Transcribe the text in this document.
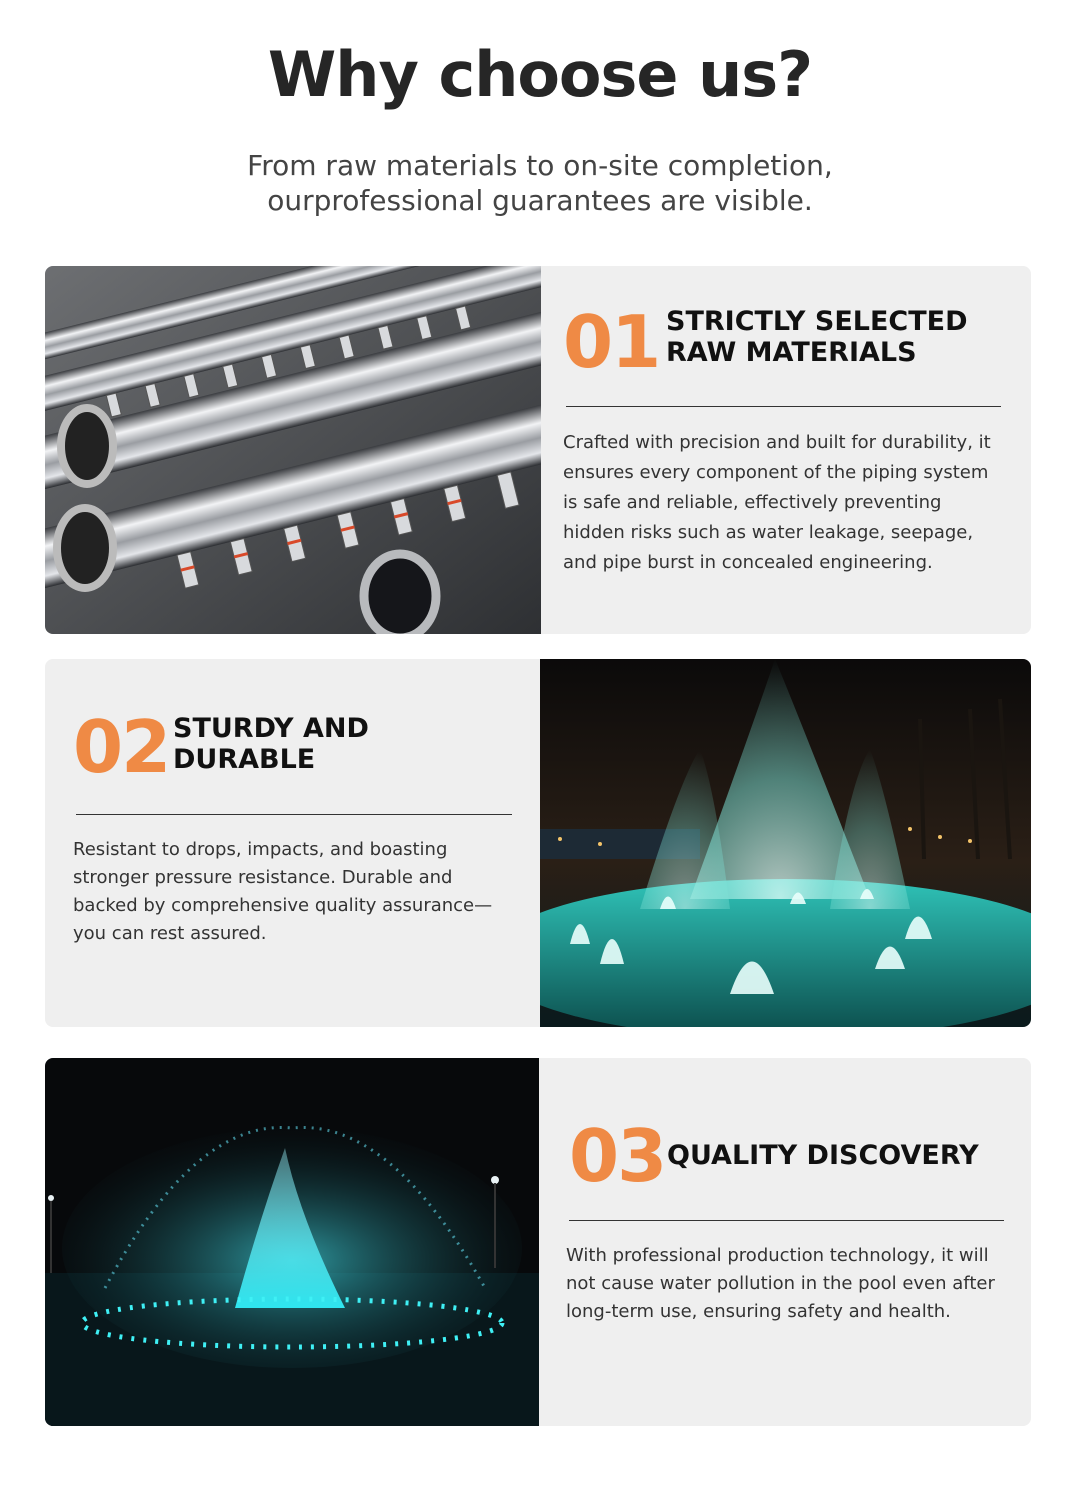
Why choose us?
From raw materials to on-site completion,
ourprofessional guarantees are visible.
01 STRICTLY SELECTED
RAW MATERIALS

Crafted with precision and built for durability, it ensures every component of the piping system is safe and reliable, effectively preventing hidden risks such as water leakage, seepage, and pipe burst in concealed engineering.

02 STURDY AND
DURABLE

Resistant to drops, impacts, and boasting stronger pressure resistance. Durable and backed by comprehensive quality assurance—you can rest assured.

03 QUALITY DISCOVERY

With professional production technology, it will not cause water pollution in the pool even after long-term use, ensuring safety and health.
